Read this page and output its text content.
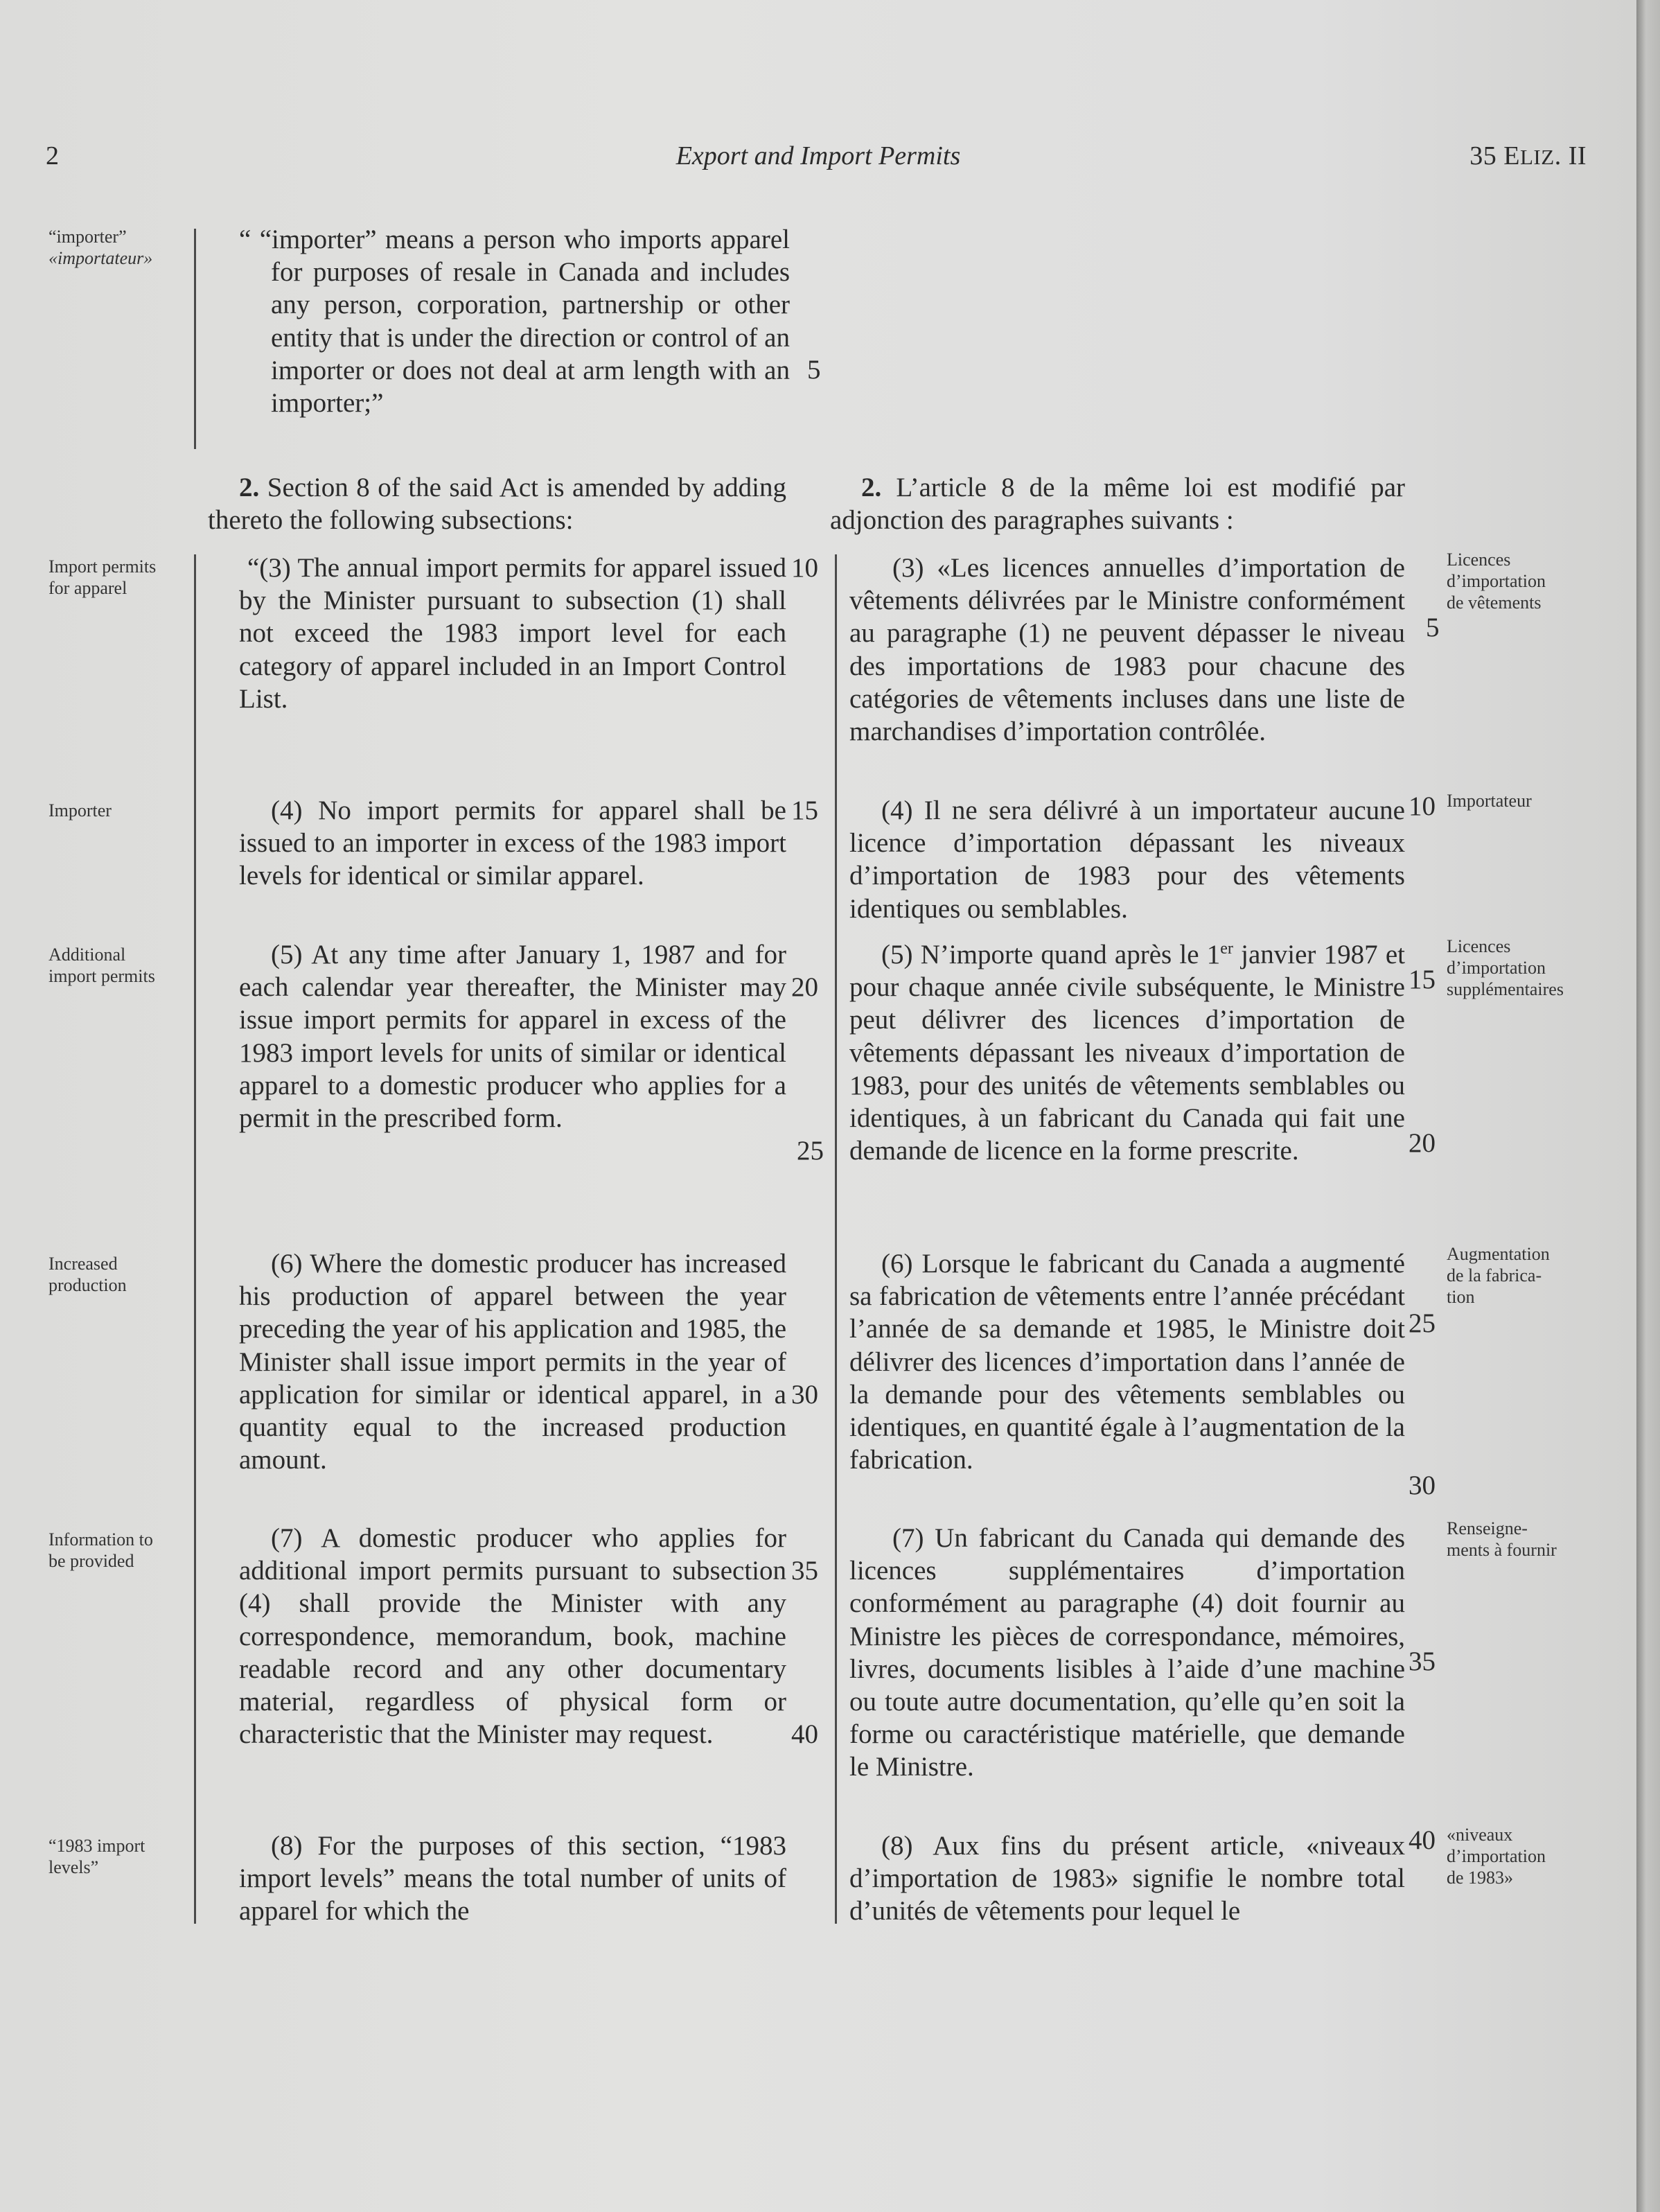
2	Export and Import Permits	35 ELIZ. II
“importer”
«importateur»
Import permits
for apparel
Importer
Additional
import permits
Increased
production
Information to
be provided
“1983 import
levels”
Licences
d’importation
de vêtements
Importateur
Licences
d’importation
supplémentaires
Augmentation
de la fabrica-
tion
Renseigne-
ments à fournir
«niveaux
d’importation
de 1983»
“ “importer” means a person who imports apparel for purposes of resale in Canada and includes any person, corporation, partnership or other entity that is under the direction or control of an importer or does not deal at arm length with an importer;”
2. Section 8 of the said Act is amended by adding thereto the following subsections:
“(3) The annual import permits for apparel issued by the Minister pursuant to subsection (1) shall not exceed the 1983 import level for each category of apparel included in an Import Control List.
(4) No import permits for apparel shall be issued to an importer in excess of the 1983 import levels for identical or similar apparel.
(5) At any time after January 1, 1987 and for each calendar year thereafter, the Minister may issue import permits for apparel in excess of the 1983 import levels for units of similar or identical apparel to a domestic producer who applies for a permit in the prescribed form.
(6) Where the domestic producer has increased his production of apparel between the year preceding the year of his application and 1985, the Minister shall issue import permits in the year of application for similar or identical apparel, in a quantity equal to the increased production amount.
(7) A domestic producer who applies for additional import permits pursuant to subsection (4) shall provide the Minister with any correspondence, memorandum, book, machine readable record and any other documentary material, regardless of physical form or characteristic that the Minister may request.
(8) For the purposes of this section, “1983 import levels” means the total number of units of apparel for which the
2. L’article 8 de la même loi est modifié par adjonction des paragraphes suivants :
(3) «Les licences annuelles d’importation de vêtements délivrées par le Ministre conformément au paragraphe (1) ne peuvent dépasser le niveau des importations de 1983 pour chacune des catégories de vêtements incluses dans une liste de marchandises d’importation contrôlée.
(4) Il ne sera délivré à un importateur aucune licence d’importation dépassant les niveaux d’importation de 1983 pour des vêtements identiques ou semblables.
(5) N’importe quand après le 1er janvier 1987 et pour chaque année civile subséquente, le Ministre peut délivrer des licences d’importation de vêtements dépassant les niveaux d’importation de 1983, pour des unités de vêtements semblables ou identiques, à un fabricant du Canada qui fait une demande de licence en la forme prescrite.
(6) Lorsque le fabricant du Canada a augmenté sa fabrication de vêtements entre l’année précédant l’année de sa demande et 1985, le Ministre doit délivrer des licences d’importation dans l’année de la demande pour des vêtements semblables ou identiques, en quantité égale à l’augmentation de la fabrication.
(7) Un fabricant du Canada qui demande des licences supplémentaires d’importation conformément au paragraphe (4) doit fournir au Ministre les pièces de correspondance, mémoires, livres, documents lisibles à l’aide d’une machine ou toute autre documentation, qu’elle qu’en soit la forme ou caractéristique matérielle, que demande le Ministre.
(8) Aux fins du présent article, «niveaux d’importation de 1983» signifie le nombre total d’unités de vêtements pour lequel le
5
10
15
20
25
30
35
40
5
10
15
20
25
30
35
40
